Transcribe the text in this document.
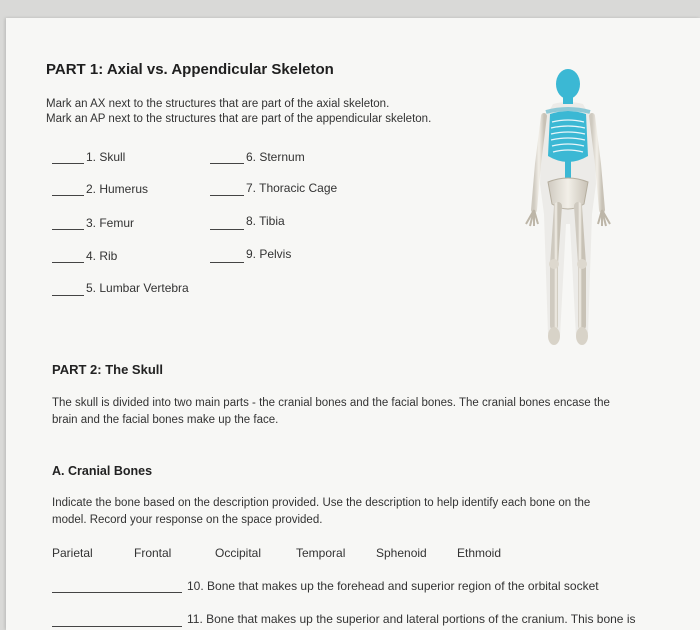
PART 1: Axial vs. Appendicular Skeleton
Mark an AX next to the structures that are part of the axial skeleton.
Mark an AP next to the structures that are part of the appendicular skeleton.
1. Skull
2. Humerus
3. Femur
4. Rib
5. Lumbar Vertebra
6. Sternum
7. Thoracic Cage
8. Tibia
9. Pelvis
PART 2: The Skull
The skull is divided into two main parts - the cranial bones and the facial bones. The cranial bones encase the
brain and the facial bones make up the face.
A. Cranial Bones
Indicate the bone based on the description provided. Use the description to help identify each bone on the
model. Record your response on the space provided.
Parietal	Frontal	Occipital	Temporal	Sphenoid	Ethmoid
10. Bone that makes up the forehead and superior region of the orbital socket
11. Bone that makes up the superior and lateral portions of the cranium. This bone is
